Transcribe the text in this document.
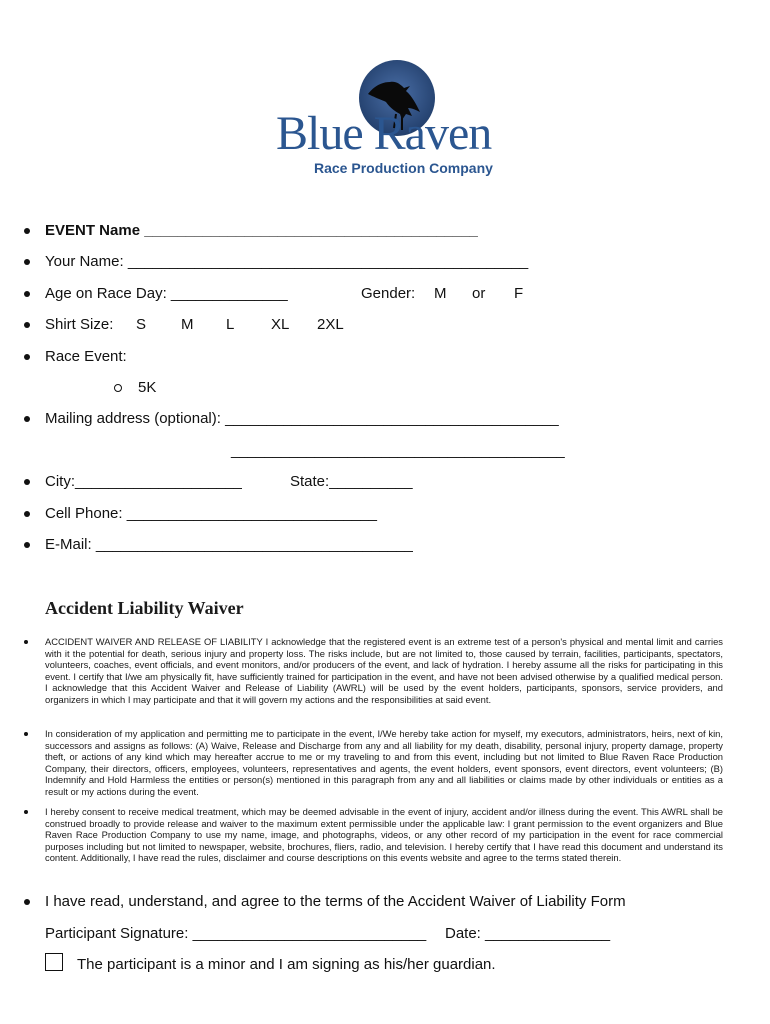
Blue Raven
Race Production Company
EVENT Name ________________________________________
Your Name: ________________________________________________
Age on Race Day: ______________	Gender: M or F
Shirt Size: S M L XL 2XL
Race Event:
5K
Mailing address (optional): ________________________________________
________________________________________
City:____________________	State:__________
Cell Phone: ______________________________
E-Mail: ______________________________________
Accident Liability Waiver
ACCIDENT WAIVER AND RELEASE OF LIABILITY I acknowledge that the registered event is an extreme test of a person's physical and mental limit and carries with it the potential for death, serious injury and property loss. The risks include, but are not limited to, those caused by terrain, facilities, participants, spectators, volunteers, coaches, event officials, and event monitors, and/or producers of the event, and lack of hydration. I hereby assume all the risks for participating in this event. I certify that I/we am physically fit, have sufficiently trained for participation in the event, and have not been advised otherwise by a qualified medical person. I acknowledge that this Accident Waiver and Release of Liability (AWRL) will be used by the event holders, participants, sponsors, service providers, and organizers in which I may participate and that it will govern my actions and the responsibilities at said event.
In consideration of my application and permitting me to participate in the event, I/We hereby take action for myself, my executors, administrators, heirs, next of kin, successors and assigns as follows: (A) Waive, Release and Discharge from any and all liability for my death, disability, personal injury, property damage, property theft, or actions of any kind which may hereafter accrue to me or my traveling to and from this event, including but not limited to Blue Raven Race Production Company, their directors, officers, employees, volunteers, representatives and agents, the event holders, event sponsors, event directors, event volunteers; (B) Indemnify and Hold Harmless the entities or person(s) mentioned in this paragraph from any and all liabilities or claims made by other individuals or entities as a result or my actions during the event.
I hereby consent to receive medical treatment, which may be deemed advisable in the event of injury, accident and/or illness during the event. This AWRL shall be construed broadly to provide release and waiver to the maximum extent permissible under the applicable law: I grant permission to the event organizers and Blue Raven Race Production Company to use my name, image, and photographs, videos, or any other record of my participation in the event for race commercial purposes including but not limited to newspaper, website, brochures, fliers, radio, and television. I hereby certify that I have read this document and understand its content. Additionally, I have read the rules, disclaimer and course descriptions on this events website and agree to the terms stated therein.
I have read, understand, and agree to the terms of the Accident Waiver of Liability Form
Participant Signature: ____________________________ Date: _______________
The participant is a minor and I am signing as his/her guardian.
